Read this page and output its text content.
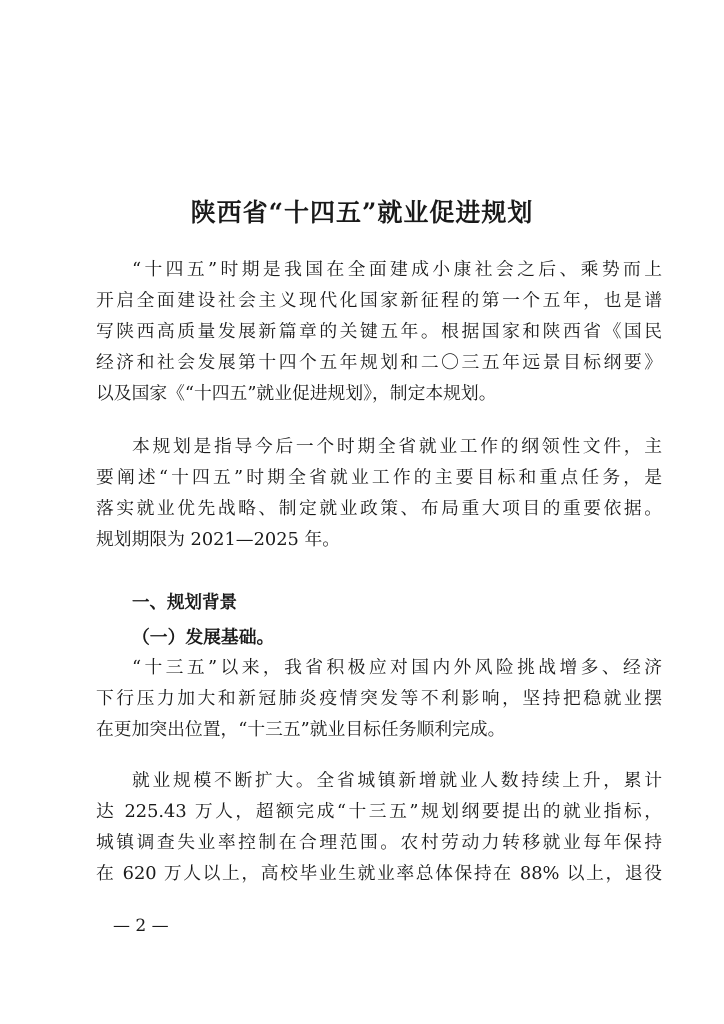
陕西省“十四五”就业促进规划
“十四五”时期是我国在全面建成小康社会之后、乘势而上
开启全面建设社会主义现代化国家新征程的第一个五年，也是谱
写陕西高质量发展新篇章的关键五年。根据国家和陕西省《国民
经济和社会发展第十四个五年规划和二〇三五年远景目标纲要》
以及国家《“十四五”就业促进规划》，制定本规划。
本规划是指导今后一个时期全省就业工作的纲领性文件，主
要阐述“十四五”时期全省就业工作的主要目标和重点任务，是
落实就业优先战略、制定就业政策、布局重大项目的重要依据。
规划期限为 2021—2025 年。
一、规划背景
（一）发展基础。
“十三五”以来，我省积极应对国内外风险挑战增多、经济
下行压力加大和新冠肺炎疫情突发等不利影响，坚持把稳就业摆
在更加突出位置，“十三五”就业目标任务顺利完成。
就业规模不断扩大。全省城镇新增就业人数持续上升，累计
达 225.43 万人，超额完成“十三五”规划纲要提出的就业指标，
城镇调查失业率控制在合理范围。农村劳动力转移就业每年保持
在 620 万人以上，高校毕业生就业率总体保持在 88% 以上，退役

— 2 —
